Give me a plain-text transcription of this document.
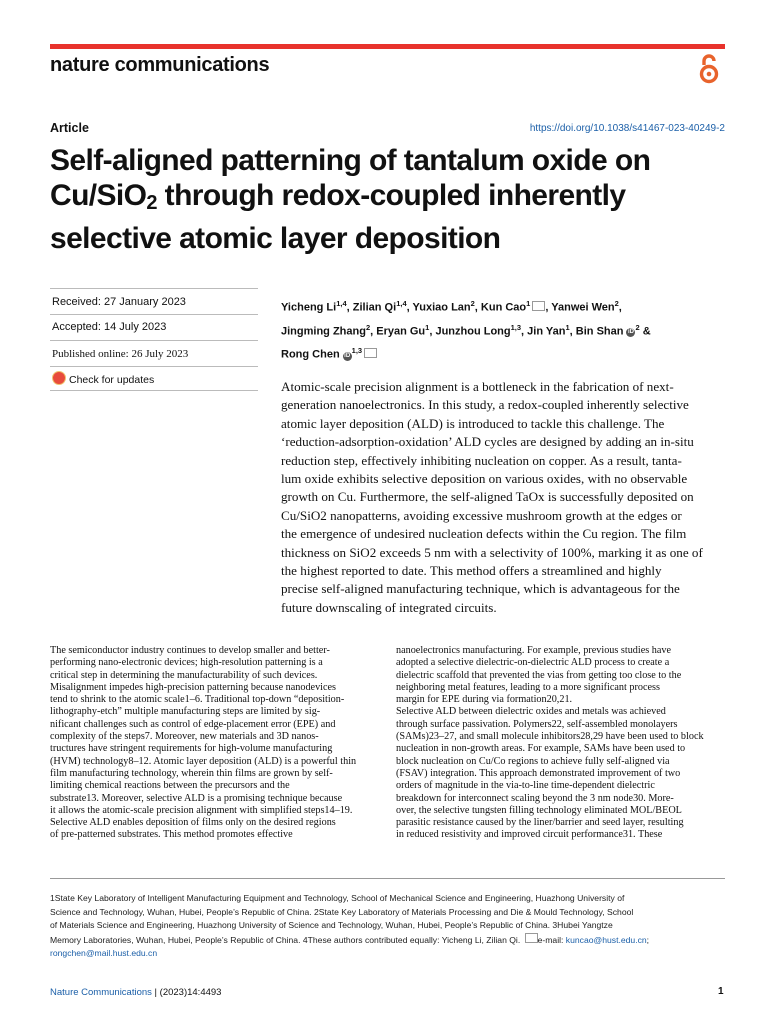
nature communications
Article	https://doi.org/10.1038/s41467-023-40249-2
Self-aligned patterning of tantalum oxide on
Cu/SiO$_2$ through redox-coupled inherently
selective atomic layer deposition
Received: 27 January 2023
Accepted: 14 July 2023
Published online: 26 July 2023
Check for updates
Yicheng Li$^{1,4}$, Zilian Qi$^{1,4}$, Yuxiao Lan$^2$, Kun Cao$^1$ , Yanwei Wen$^2$,
Jingming Zhang$^2$, Eryan Gu$^1$, Junzhou Long$^{1,3}$, Jin Yan$^1$, Bin Shan $iD^2$ &
Rong Chen iD$^{1,3}$
Atomic-scale precision alignment is a bottleneck in the fabrication of next-
generation nanoelectronics. In this study, a redox-coupled inherently selective
atomic layer deposition (ALD) is introduced to tackle this challenge. The
‘reduction-adsorption-oxidation’ ALD cycles are designed by adding an in-situ
reduction step, effectively inhibiting nucleation on copper. As a result, tanta-
lum oxide exhibits selective deposition on various oxides, with no observable
growth on Cu. Furthermore, the self-aligned TaOx is successfully deposited on
Cu/SiO2 nanopatterns, avoiding excessive mushroom growth at the edges or
the emergence of undesired nucleation defects within the Cu region. The film
thickness on SiO2 exceeds 5 nm with a selectivity of 100%, marking it as one of
the highest reported to date. This method offers a streamlined and highly
precise self-aligned manufacturing technique, which is advantageous for the
future downscaling of integrated circuits.
The semiconductor industry continues to develop smaller and better-
performing nano-electronic devices; high-resolution patterning is a
critical step in determining the manufacturability of such devices.
Misalignment impedes high-precision patterning because nanodevices
tend to shrink to the atomic scale1–6. Traditional top-down “deposition-
lithography-etch” multiple manufacturing steps are limited by sig-
nificant challenges such as control of edge-placement error (EPE) and
complexity of the steps7. Moreover, new materials and 3D nanos-
tructures have stringent requirements for high-volume manufacturing
(HVM) technology8–12. Atomic layer deposition (ALD) is a powerful thin
film manufacturing technology, wherein thin films are grown by self-
limiting chemical reactions between the precursors and the
substrate13. Moreover, selective ALD is a promising technique because
it allows the atomic-scale precision alignment with simplified steps14–19.
Selective ALD enables deposition of films only on the desired regions
of pre-patterned substrates. This method promotes effective
nanoelectronics manufacturing. For example, previous studies have
adopted a selective dielectric-on-dielectric ALD process to create a
dielectric scaffold that prevented the vias from getting too close to the
neighboring metal features, leading to a more significant process
margin for EPE during via formation20,21.
Selective ALD between dielectric oxides and metals was achieved
through surface passivation. Polymers22, self-assembled monolayers
(SAMs)23–27, and small molecule inhibitors28,29 have been used to block
nucleation in non-growth areas. For example, SAMs have been used to
block nucleation on Cu/Co regions to achieve fully self-aligned via
(FSAV) integration. This approach demonstrated improvement of two
orders of magnitude in the via-to-line time-dependent dielectric
breakdown for interconnect scaling beyond the 3 nm node30. More-
over, the selective tungsten filling technology eliminated MOL/BEOL
parasitic resistance caused by the liner/barrier and seed layer, resulting
in reduced resistivity and improved circuit performance31. These
1State Key Laboratory of Intelligent Manufacturing Equipment and Technology, School of Mechanical Science and Engineering, Huazhong University of
Science and Technology, Wuhan, Hubei, People’s Republic of China. 2State Key Laboratory of Materials Processing and Die & Mould Technology, School
of Materials Science and Engineering, Huazhong University of Science and Technology, Wuhan, Hubei, People’s Republic of China. 3Hubei Yangtze
Memory Laboratories, Wuhan, Hubei, People’s Republic of China. 4These authors contributed equally: Yicheng Li, Zilian Qi. e-mail: kuncao@hust.edu.cn;
rongchen@mail.hust.edu.cn
Nature Communications | (2023)14:4493	1
